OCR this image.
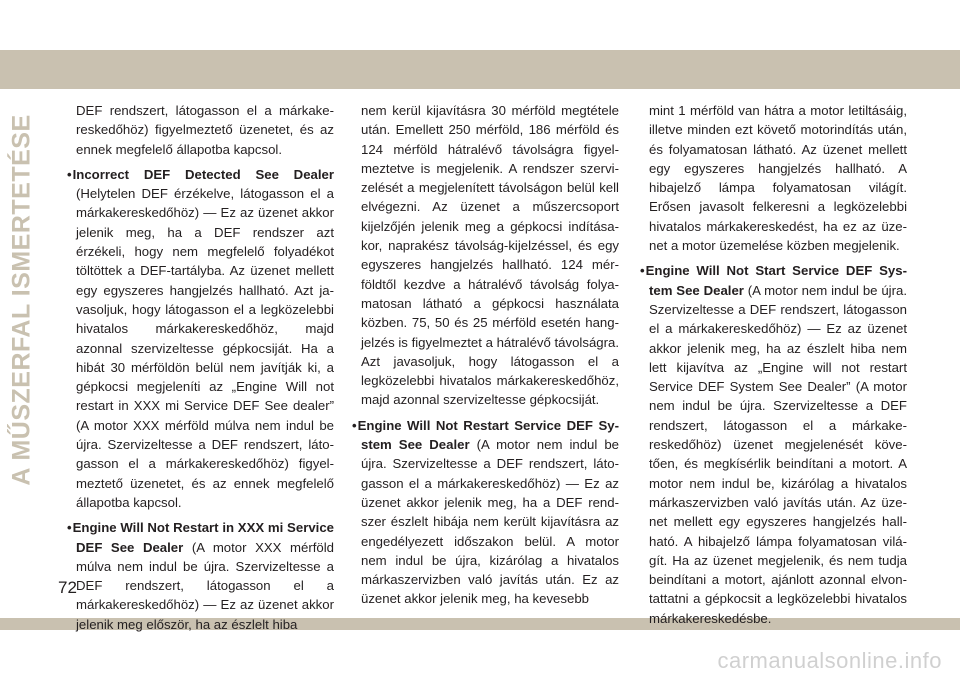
A MŰSZERFAL ISMERTETÉSE

DEF rendszert, látogasson el a márkakereskedőhöz) figyelmeztető üzenetet, és az ennek megfelelő állapotba kapcsol.

•Incorrect DEF Detected See Dealer (Helytelen DEF érzékelve, látogasson el a márkakereskedőhöz) — Ez az üzenet akkor jelenik meg, ha a DEF rendszer azt érzékeli, hogy nem megfelelő folyadékot töltöttek a DEF-tartályba. Az üzenet mellett egy egyszeres hangjelzés hallható. Azt javasoljuk, hogy látogasson el a legközelebbi hivatalos márkakereskedőhöz, majd azonnal szervizeltesse gépkocsiját. Ha a hibát 30 mérföldön belül nem javítják ki, a gépkocsi megjeleníti az „Engine Will not restart in XXX mi Service DEF See dealer” (A motor XXX mérföld múlva nem indul be újra. Szervizeltesse a DEF rendszert, látogasson el a márkakereskedőhöz) figyelmeztető üzenetet, és az ennek megfelelő állapotba kapcsol.

•Engine Will Not Restart in XXX mi Service DEF See Dealer (A motor XXX mérföld múlva nem indul be újra. Szervizeltesse a DEF rendszert, látogasson el a márkakereskedőhöz) — Ez az üzenet akkor jelenik meg először, ha az észlelt hiba

nem kerül kijavításra 30 mérföld megtétele után. Emellett 250 mérföld, 186 mérföld és 124 mérföld hátralévő távolságra figyelmeztetve is megjelenik. A rendszer szervizelését a megjelenített távolságon belül kell elvégezni. Az üzenet a műszercsoport kijelzőjén jelenik meg a gépkocsi indításakor, naprakész távolság-kijelzéssel, és egy egyszeres hangjelzés hallható. 124 mérföldtől kezdve a hátralévő távolság folyamatosan látható a gépkocsi használata közben. 75, 50 és 25 mérföld esetén hangjelzés is figyelmeztet a hátralévő távolságra. Azt javasoljuk, hogy látogasson el a legközelebbi hivatalos márkakereskedőhöz, majd azonnal szervizeltesse gépkocsiját.

•Engine Will Not Restart Service DEF System See Dealer (A motor nem indul be újra. Szervizeltesse a DEF rendszert, látogasson el a márkakereskedőhöz) — Ez az üzenet akkor jelenik meg, ha a DEF rendszer észlelt hibája nem került kijavításra az engedélyezett időszakon belül. A motor nem indul be újra, kizárólag a hivatalos márkaszervizben való javítás után. Ez az üzenet akkor jelenik meg, ha kevesebb

mint 1 mérföld van hátra a motor letiltásáig, illetve minden ezt követő motorindítás után, és folyamatosan látható. Az üzenet mellett egy egyszeres hangjelzés hallható. A hibajelző lámpa folyamatosan világít. Erősen javasolt felkeresni a legközelebbi hivatalos márkakereskedést, ha ez az üzenet a motor üzemelése közben megjelenik.

•Engine Will Not Start Service DEF System See Dealer (A motor nem indul be újra. Szervizeltesse a DEF rendszert, látogasson el a márkakereskedőhöz) — Ez az üzenet akkor jelenik meg, ha az észlelt hiba nem lett kijavítva az „Engine will not restart Service DEF System See Dealer” (A motor nem indul be újra. Szervizeltesse a DEF rendszert, látogasson el a márkakereskedőhöz) üzenet megjelenését követően, és megkísérlik beindítani a motort. A motor nem indul be, kizárólag a hivatalos márkaszervizben való javítás után. Az üzenet mellett egy egyszeres hangjelzés hallható. A hibajelző lámpa folyamatosan világít. Ha az üzenet megjelenik, és nem tudja beindítani a motort, ajánlott azonnal elvontattatni a gépkocsit a legközelebbi hivatalos márkakereskedésbe.

72
carmanualsonline.info
